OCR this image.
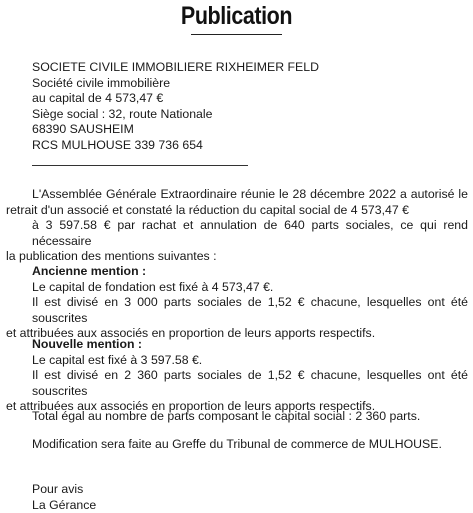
Publication
SOCIETE CIVILE IMMOBILIERE RIXHEIMER FELD
Société civile immobilière
au capital de 4 573,47 €
Siège social : 32, route Nationale
68390 SAUSHEIM
RCS MULHOUSE 339 736 654
L'Assemblée Générale Extraordinaire réunie le 28 décembre 2022 a autorisé le
retrait d'un associé et constaté la réduction du capital social de 4 573,47 €
à 3 597.58 € par rachat et annulation de 640 parts sociales, ce qui rend nécessaire
la publication des mentions suivantes :
Ancienne mention :
Le capital de fondation est fixé à 4 573,47 €.
Il est divisé en 3 000 parts sociales de 1,52 € chacune, lesquelles ont été souscrites
et attribuées aux associés en proportion de leurs apports respectifs.
Nouvelle mention :
Le capital est fixé à 3 597.58 €.
Il est divisé en 2 360 parts sociales de 1,52 € chacune, lesquelles ont été souscrites
et attribuées aux associés en proportion de leurs apports respectifs.
Total égal au nombre de parts composant le capital social : 2 360 parts.
Modification sera faite au Greffe du Tribunal de commerce de MULHOUSE.
Pour avis
La Gérance
